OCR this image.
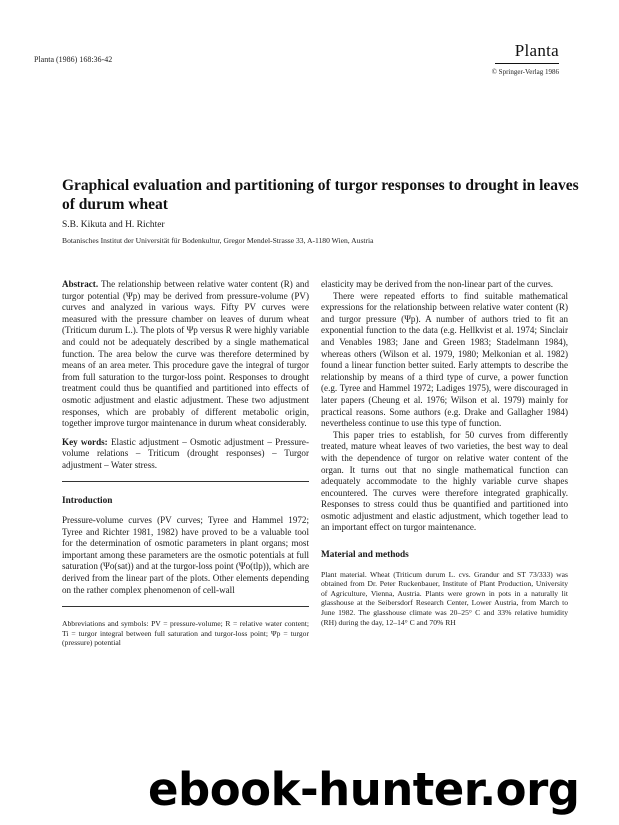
Planta (1986) 168:36-42	Planta
© Springer-Verlag 1986
Graphical evaluation and partitioning of turgor responses to drought in leaves of durum wheat
S.B. Kikuta and H. Richter
Botanisches Institut der Universität für Bodenkultur, Gregor Mendel-Strasse 33, A-1180 Wien, Austria

Abstract. The relationship between relative water content (R) and turgor potential (Ψp) may be derived from pressure-volume (PV) curves and analyzed in various ways. Fifty PV curves were measured with the pressure chamber on leaves of durum wheat (Triticum durum L.). The plots of Ψp versus R were highly variable and could not be adequately described by a single mathematical function. The area below the curve was therefore determined by means of an area meter. This procedure gave the integral of turgor from full saturation to the turgor-loss point. Responses to drought treatment could thus be quantified and partitioned into effects of osmotic adjustment and elastic adjustment. These two adjustment responses, which are probably of different metabolic origin, together improve turgor maintenance in durum wheat considerably.

Key words: Elastic adjustment – Osmotic adjustment – Pressure-volume relations – Triticum (drought responses) – Turgor adjustment – Water stress.

Introduction

Pressure-volume curves (PV curves; Tyree and Hammel 1972; Tyree and Richter 1981, 1982) have proved to be a valuable tool for the determination of osmotic parameters in plant organs; most important among these parameters are the osmotic potentials at full saturation (Ψo(sat)) and at the turgor-loss point (Ψo(tlp)), which are derived from the linear part of the plots. Other elements depending on the rather complex phenomenon of cell-wall

Abbreviations and symbols: PV = pressure-volume; R = relative water content; Ti = turgor integral between full saturation and turgor-loss point; Ψp = turgor (pressure) potential

elasticity may be derived from the non-linear part of the curves.

There were repeated efforts to find suitable mathematical expressions for the relationship between relative water content (R) and turgor pressure (Ψp). A number of authors tried to fit an exponential function to the data (e.g. Hellkvist et al. 1974; Sinclair and Venables 1983; Jane and Green 1983; Stadelmann 1984), whereas others (Wilson et al. 1979, 1980; Melkonian et al. 1982) found a linear function better suited. Early attempts to describe the relationship by means of a third type of curve, a power function (e.g. Tyree and Hammel 1972; Ladiges 1975), were discouraged in later papers (Cheung et al. 1976; Wilson et al. 1979) mainly for practical reasons. Some authors (e.g. Drake and Gallagher 1984) nevertheless continue to use this type of function.

This paper tries to establish, for 50 curves from differently treated, mature wheat leaves of two varieties, the best way to deal with the dependence of turgor on relative water content of the organ. It turns out that no single mathematical function can adequately accommodate to the highly variable curve shapes encountered. The curves were therefore integrated graphically. Responses to stress could thus be quantified and partitioned into osmotic adjustment and elastic adjustment, which together lead to an important effect on turgor maintenance.

Material and methods

Plant material. Wheat (Triticum durum L. cvs. Grandur and ST 73/333) was obtained from Dr. Peter Ruckenbauer, Institute of Plant Production, University of Agriculture, Vienna, Austria. Plants were grown in pots in a naturally lit glasshouse at the Seibersdorf Research Center, Lower Austria, from March to June 1982. The glasshouse climate was 20–25° C and 33% relative humidity (RH) during the day, 12–14° C and 70% RH

ebook-hunter.org
